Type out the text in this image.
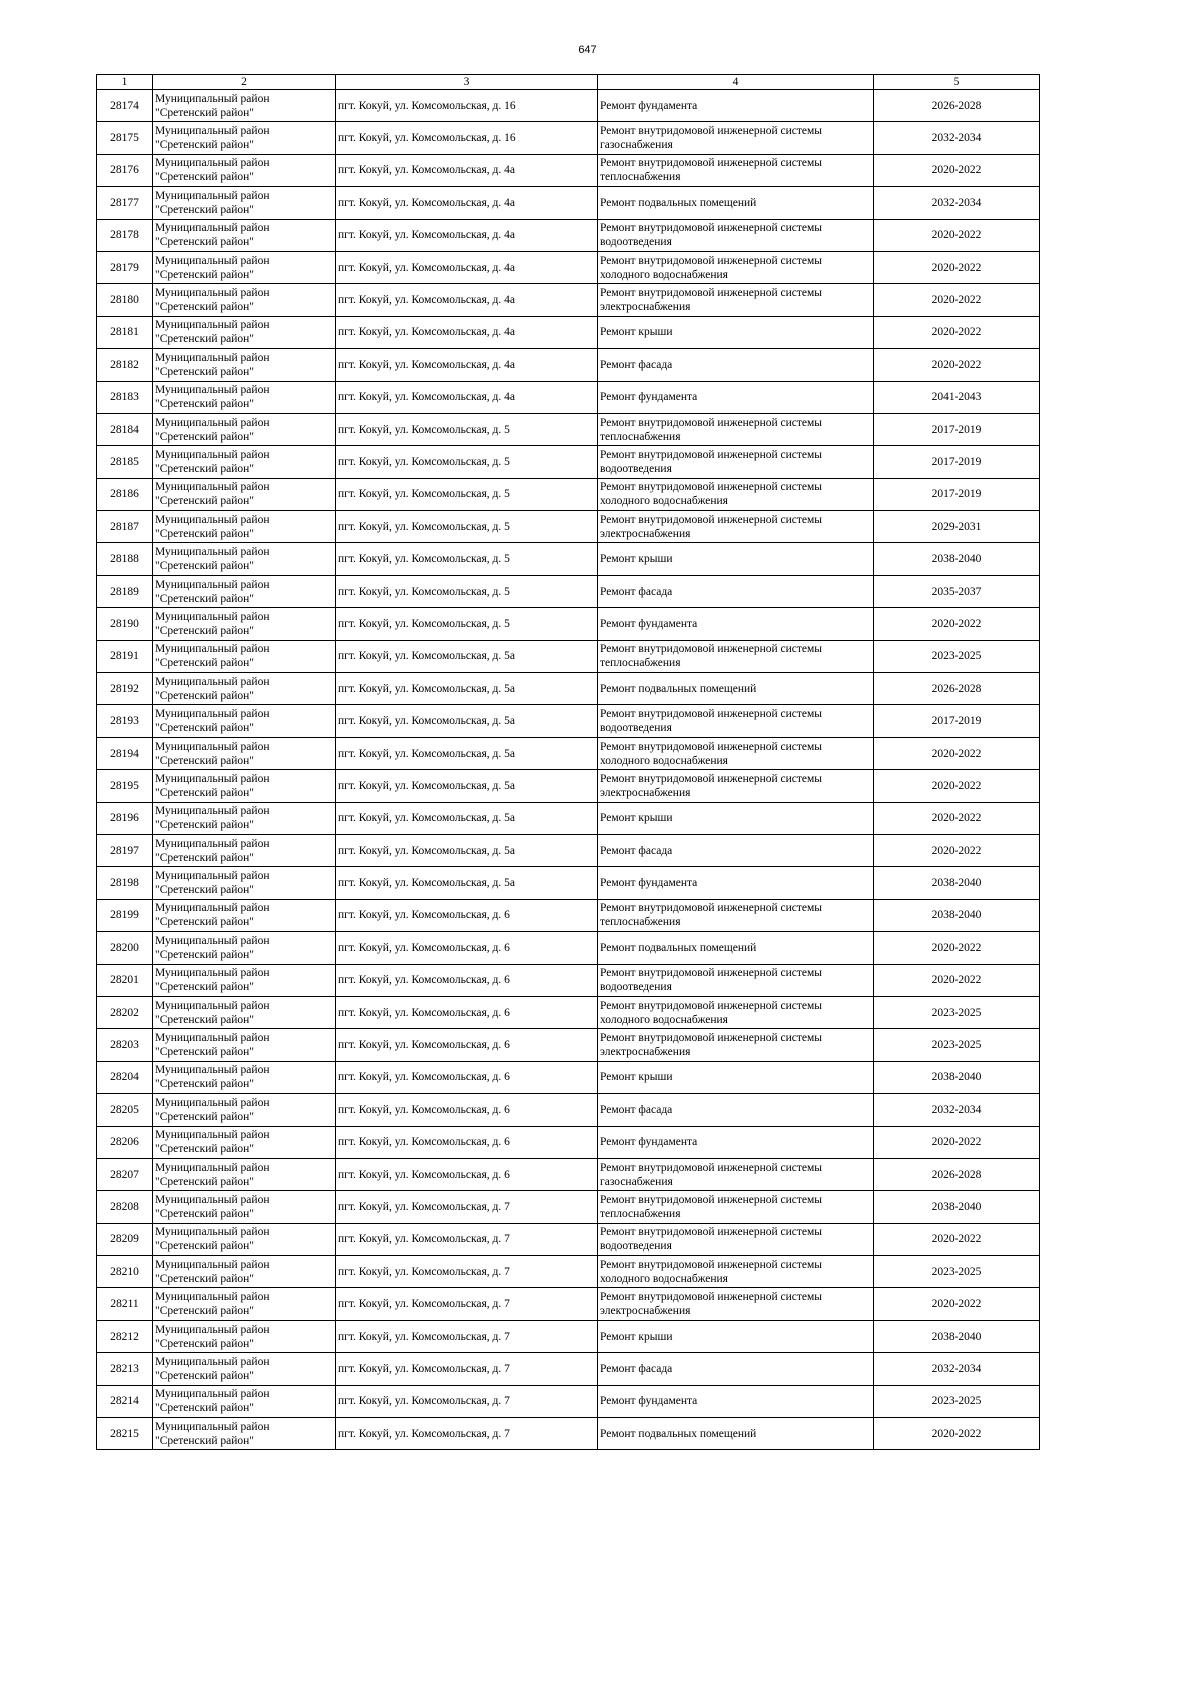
647
1	2	3	4	5
28174	Муниципальный район "Сретенский район"	пгт. Кокуй, ул. Комсомольская, д. 16	Ремонт фундамента	2026-2028
28175	Муниципальный район "Сретенский район"	пгт. Кокуй, ул. Комсомольская, д. 16	Ремонт внутридомовой инженерной системы газоснабжения	2032-2034
28176	Муниципальный район "Сретенский район"	пгт. Кокуй, ул. Комсомольская, д. 4а	Ремонт внутридомовой инженерной системы теплоснабжения	2020-2022
28177	Муниципальный район "Сретенский район"	пгт. Кокуй, ул. Комсомольская, д. 4а	Ремонт подвальных помещений	2032-2034
28178	Муниципальный район "Сретенский район"	пгт. Кокуй, ул. Комсомольская, д. 4а	Ремонт внутридомовой инженерной системы водоотведения	2020-2022
28179	Муниципальный район "Сретенский район"	пгт. Кокуй, ул. Комсомольская, д. 4а	Ремонт внутридомовой инженерной системы холодного водоснабжения	2020-2022
28180	Муниципальный район "Сретенский район"	пгт. Кокуй, ул. Комсомольская, д. 4а	Ремонт внутридомовой инженерной системы электроснабжения	2020-2022
28181	Муниципальный район "Сретенский район"	пгт. Кокуй, ул. Комсомольская, д. 4а	Ремонт крыши	2020-2022
28182	Муниципальный район "Сретенский район"	пгт. Кокуй, ул. Комсомольская, д. 4а	Ремонт фасада	2020-2022
28183	Муниципальный район "Сретенский район"	пгт. Кокуй, ул. Комсомольская, д. 4а	Ремонт фундамента	2041-2043
28184	Муниципальный район "Сретенский район"	пгт. Кокуй, ул. Комсомольская, д. 5	Ремонт внутридомовой инженерной системы теплоснабжения	2017-2019
28185	Муниципальный район "Сретенский район"	пгт. Кокуй, ул. Комсомольская, д. 5	Ремонт внутридомовой инженерной системы водоотведения	2017-2019
28186	Муниципальный район "Сретенский район"	пгт. Кокуй, ул. Комсомольская, д. 5	Ремонт внутридомовой инженерной системы холодного водоснабжения	2017-2019
28187	Муниципальный район "Сретенский район"	пгт. Кокуй, ул. Комсомольская, д. 5	Ремонт внутридомовой инженерной системы электроснабжения	2029-2031
28188	Муниципальный район "Сретенский район"	пгт. Кокуй, ул. Комсомольская, д. 5	Ремонт крыши	2038-2040
28189	Муниципальный район "Сретенский район"	пгт. Кокуй, ул. Комсомольская, д. 5	Ремонт фасада	2035-2037
28190	Муниципальный район "Сретенский район"	пгт. Кокуй, ул. Комсомольская, д. 5	Ремонт фундамента	2020-2022
28191	Муниципальный район "Сретенский район"	пгт. Кокуй, ул. Комсомольская, д. 5а	Ремонт внутридомовой инженерной системы теплоснабжения	2023-2025
28192	Муниципальный район "Сретенский район"	пгт. Кокуй, ул. Комсомольская, д. 5а	Ремонт подвальных помещений	2026-2028
28193	Муниципальный район "Сретенский район"	пгт. Кокуй, ул. Комсомольская, д. 5а	Ремонт внутридомовой инженерной системы водоотведения	2017-2019
28194	Муниципальный район "Сретенский район"	пгт. Кокуй, ул. Комсомольская, д. 5а	Ремонт внутридомовой инженерной системы холодного водоснабжения	2020-2022
28195	Муниципальный район "Сретенский район"	пгт. Кокуй, ул. Комсомольская, д. 5а	Ремонт внутридомовой инженерной системы электроснабжения	2020-2022
28196	Муниципальный район "Сретенский район"	пгт. Кокуй, ул. Комсомольская, д. 5а	Ремонт крыши	2020-2022
28197	Муниципальный район "Сретенский район"	пгт. Кокуй, ул. Комсомольская, д. 5а	Ремонт фасада	2020-2022
28198	Муниципальный район "Сретенский район"	пгт. Кокуй, ул. Комсомольская, д. 5а	Ремонт фундамента	2038-2040
28199	Муниципальный район "Сретенский район"	пгт. Кокуй, ул. Комсомольская, д. 6	Ремонт внутридомовой инженерной системы теплоснабжения	2038-2040
28200	Муниципальный район "Сретенский район"	пгт. Кокуй, ул. Комсомольская, д. 6	Ремонт подвальных помещений	2020-2022
28201	Муниципальный район "Сретенский район"	пгт. Кокуй, ул. Комсомольская, д. 6	Ремонт внутридомовой инженерной системы водоотведения	2020-2022
28202	Муниципальный район "Сретенский район"	пгт. Кокуй, ул. Комсомольская, д. 6	Ремонт внутридомовой инженерной системы холодного водоснабжения	2023-2025
28203	Муниципальный район "Сретенский район"	пгт. Кокуй, ул. Комсомольская, д. 6	Ремонт внутридомовой инженерной системы электроснабжения	2023-2025
28204	Муниципальный район "Сретенский район"	пгт. Кокуй, ул. Комсомольская, д. 6	Ремонт крыши	2038-2040
28205	Муниципальный район "Сретенский район"	пгт. Кокуй, ул. Комсомольская, д. 6	Ремонт фасада	2032-2034
28206	Муниципальный район "Сретенский район"	пгт. Кокуй, ул. Комсомольская, д. 6	Ремонт фундамента	2020-2022
28207	Муниципальный район "Сретенский район"	пгт. Кокуй, ул. Комсомольская, д. 6	Ремонт внутридомовой инженерной системы газоснабжения	2026-2028
28208	Муниципальный район "Сретенский район"	пгт. Кокуй, ул. Комсомольская, д. 7	Ремонт внутридомовой инженерной системы теплоснабжения	2038-2040
28209	Муниципальный район "Сретенский район"	пгт. Кокуй, ул. Комсомольская, д. 7	Ремонт внутридомовой инженерной системы водоотведения	2020-2022
28210	Муниципальный район "Сретенский район"	пгт. Кокуй, ул. Комсомольская, д. 7	Ремонт внутридомовой инженерной системы холодного водоснабжения	2023-2025
28211	Муниципальный район "Сретенский район"	пгт. Кокуй, ул. Комсомольская, д. 7	Ремонт внутридомовой инженерной системы электроснабжения	2020-2022
28212	Муниципальный район "Сретенский район"	пгт. Кокуй, ул. Комсомольская, д. 7	Ремонт крыши	2038-2040
28213	Муниципальный район "Сретенский район"	пгт. Кокуй, ул. Комсомольская, д. 7	Ремонт фасада	2032-2034
28214	Муниципальный район "Сретенский район"	пгт. Кокуй, ул. Комсомольская, д. 7	Ремонт фундамента	2023-2025
28215	Муниципальный район "Сретенский район"	пгт. Кокуй, ул. Комсомольская, д. 7	Ремонт подвальных помещений	2020-2022
